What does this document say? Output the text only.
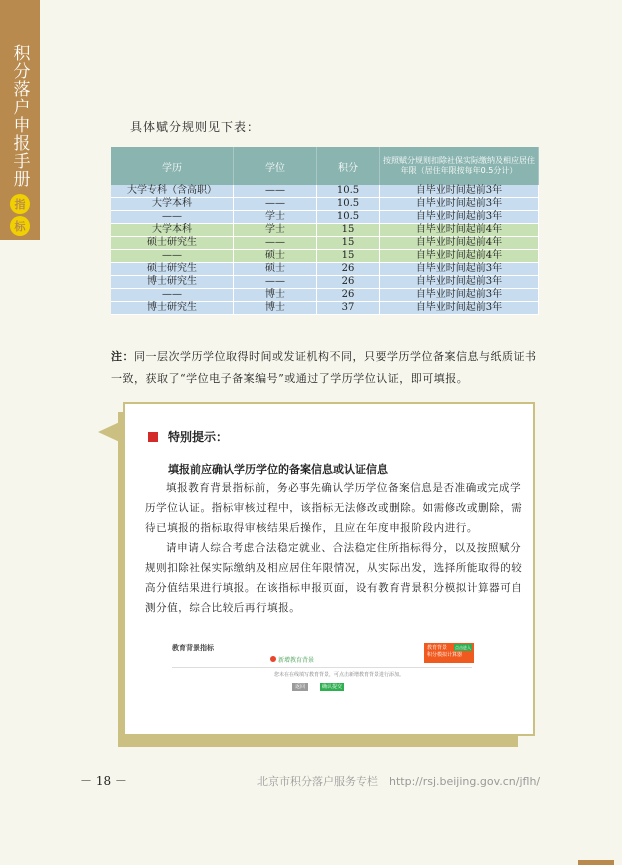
积分落户申报手册
指
标
具体赋分规则见下表：
学历	学位	积分	按照赋分规则扣除社保实际缴纳及相应居住年限（居住年限按每年0.5分计）
大学专科（含高职）	——	10.5	自毕业时间起前3年
大学本科	——	10.5	自毕业时间起前3年
——	学士	10.5	自毕业时间起前3年
大学本科	学士	15	自毕业时间起前4年
硕士研究生	——	15	自毕业时间起前4年
——	硕士	15	自毕业时间起前4年
硕士研究生	硕士	26	自毕业时间起前3年
博士研究生	——	26	自毕业时间起前3年
——	博士	26	自毕业时间起前3年
博士研究生	博士	37	自毕业时间起前3年
注：同一层次学历学位取得时间或发证机构不同，只要学历学位备案信息与纸质证书一致，获取了“学位电子备案编号”或通过了学历学位认证，即可填报。
特别提示：
填报前应确认学历学位的备案信息或认证信息

填报教育背景指标前，务必事先确认学历学位备案信息是否准确或完成学历学位认证。指标审核过程中，该指标无法修改或删除。如需修改或删除，需待已填报的指标取得审核结果后操作，且应在年度申报阶段内进行。

请申请人综合考虑合法稳定就业、合法稳定住所指标得分，以及按照赋分规则扣除社保实际缴纳及相应居住年限情况，从实际出发，选择所能取得的较高分值结果进行填报。在该指标申报页面，设有教育背景积分模拟计算器可自测分值，综合比较后再行填报。

教育背景指标
新增教育背景
您未在在线填写教育背景，可点击新增教育背景进行添加。
返回	确认提交
教育背景
积分模拟计算器
点击进入
－ 18 －	北京市积分落户服务专栏　http://rsj.beijing.gov.cn/jflh/
